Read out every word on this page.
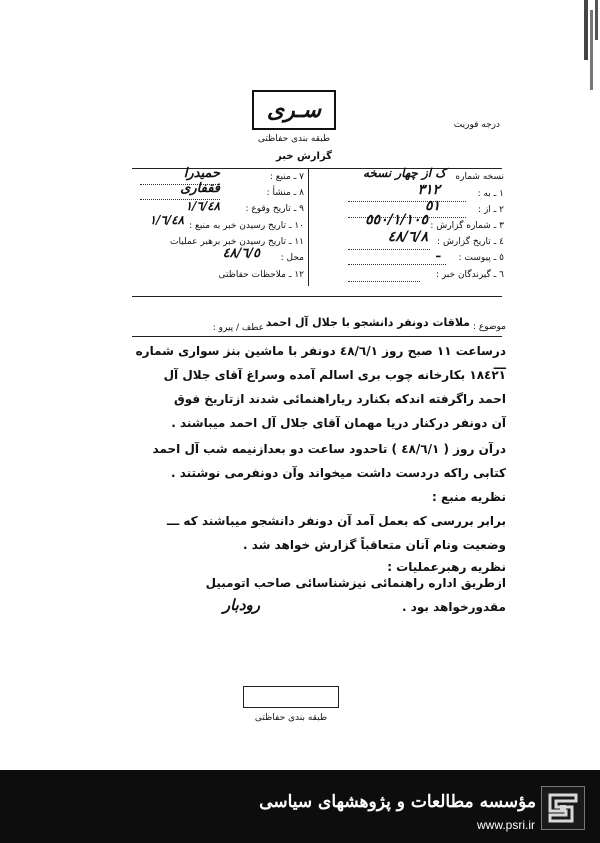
سـرى
طبقه بندى حفاظتى
درجه فوريت
گزارش خبر
٧ ـ منبع :
حمیدرا فقفاری	٨ ـ منشأ :
٩ ـ تاريخ وقوع :
١/٦/٤٨
١٠ ـ تاريخ رسيدن خبر به منبع :
١/٦/٤٨
١١ ـ تاريخ رسيدن خبر برهبر عمليات
محل :
٤٨/٦/٥
١٢ ـ ملاحظات حفاظتى
نسخه شماره
ک از چهار نسخه
١ ـ به :
٣١٢
٢ ـ از :
٥١
٣ ـ شماره گزارش :
٥٥٠/١/١٠٥
٤ ـ تاريخ گزارش :
٤٨/٦/٨
٥ ـ پيوست :
ـ
٦ ـ گيرندگان خبر :
موضوع :
ملاقات دونفر دانشجو با جلال آل احمد
عطف / پيرو :
درساعت ١١ صبح روز ٤٨/٦/١ دونفر با ماشين بنز سوارى شماره ـــ
١٨٤٢١ بكارخانه چوب برى اسالم آمده وسراغ آقاى جلال آل
احمد راگرفته اندكه بكنارد رياراهنمائى شدند ازتاريخ فوق
آن دونفر دركنار دريا مهمان آقاى جلال آل احمد ميباشند .
درآن روز ( ٤٨/٦/١ ) تاحدود ساعت دو بعدازنيمه شب آل احمد
كتابى راكه دردست داشت ميخواند وآن دونفرمى نوشتند .
نظريه منبع :
برابر بررسى كه بعمل آمد آن دونفر دانشجو ميباشند كه ـــ
وضعيت ونام آنان متعاقباً گزارش خواهد شد .
نظريه رهبرعمليات :
ازطريق اداره راهنمائى نيزشناسائى صاحب اتومبيل
مقدورخواهد بود .
رودبار
طبقه بندى حفاظتى
مؤسسه مطالعات و پژوهشهاى سياسى
www.psri.ir
